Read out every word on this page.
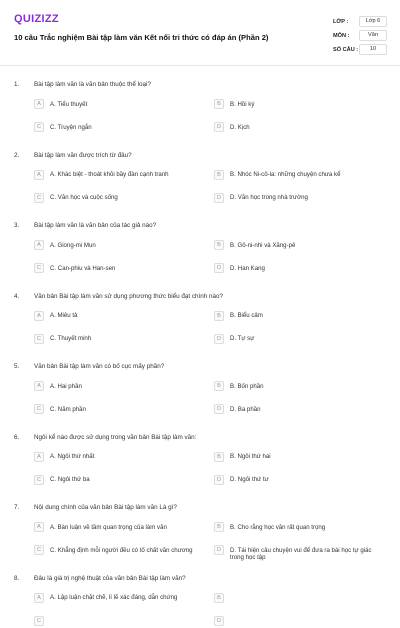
QUIZIZZ
10 câu Trắc nghiệm Bài tập làm văn Kết nối tri thức có đáp án (Phần 2)
LỚP :	Lớp 6
MÔN :	Văn
SỐ CÂU :	10
1. Bài tập làm văn là văn bản thuộc thể loại?
A	A. Tiểu thuyết	B	B. Hồi ký
C	C. Truyện ngắn	D	D. Kịch
2. Bài tập làm văn được trích từ đâu?
A	A. Khác biệt - thoát khỏi bầy đàn cạnh tranh	B	B. Nhóc Ni-cô-la: những chuyện chưa kể
C	C. Văn học và cuộc sống	D	D. Văn học trong nhà trường
3. Bài tập làm văn là văn bản của tác giả nào?
A	A. Giong-mi Mun	B	B. Gô-ni-nhi và Xăng-pê
C	C. Can-phiu và Han-sen	D	D. Han Kang
4. Văn bản Bài tập làm văn sử dụng phương thức biểu đạt chính nào?
A	A. Miêu tả	B	B. Biểu cảm
C	C. Thuyết minh	D	D. Tự sự
5. Văn bản Bài tập làm văn có bố cục mấy phần?
A	A. Hai phần	B	B. Bốn phần
C	C. Năm phần	D	D. Ba phần
6. Ngôi kể nào được sử dụng trong văn bản Bài tập làm văn:
A	A. Ngôi thứ nhất	B	B. Ngôi thứ hai
C	C. Ngôi thứ ba	D	D. Ngôi thứ tư
7. Nội dung chính của văn bản Bài tập làm văn Là gì?
A	A. Bàn luận về tầm quan trọng của làm văn	B	B. Cho rằng học văn rất quan trọng
C	C. Khẳng định mỗi người đều có tố chất văn chương	D	D. Tái hiện câu chuyện vui để đưa ra bài học tự giác trong học tập
8. Đâu là giá trị nghệ thuật của văn bản Bài tập làm văn?
A	A. Lập luận chặt chẽ, lí lẽ xác đáng, dẫn chứng	B
C	D
